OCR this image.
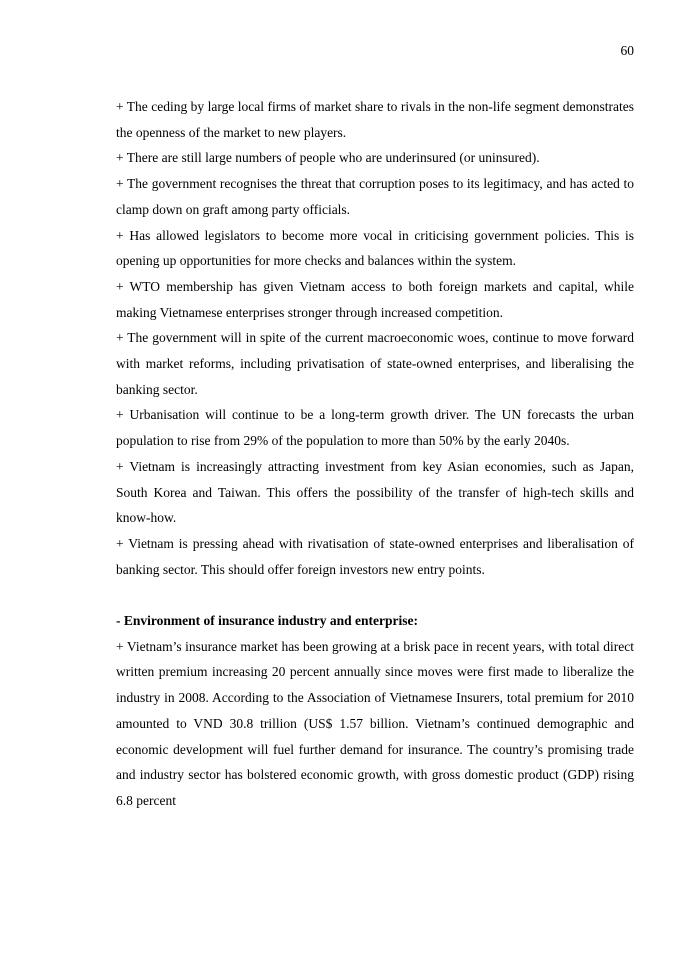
60

+ The ceding by large local firms of market share to rivals in the non-life segment demonstrates the openness of the market to new players.

+ There are still large numbers of people who are underinsured (or uninsured).

+ The government recognises the threat that corruption poses to its legitimacy, and has acted to clamp down on graft among party officials.

+ Has allowed legislators to become more vocal in criticising government policies. This is opening up opportunities for more checks and balances within the system.

+ WTO membership has given Vietnam access to both foreign markets and capital, while making Vietnamese enterprises stronger through increased competition.

+ The government will in spite of the current macroeconomic woes, continue to move forward with market reforms, including privatisation of state-owned enterprises, and liberalising the banking sector.

+ Urbanisation will continue to be a long-term growth driver. The UN forecasts the urban population to rise from 29% of the population to more than 50% by the early 2040s.

+ Vietnam is increasingly attracting investment from key Asian economies, such as Japan, South Korea and Taiwan. This offers the possibility of the transfer of high-tech skills and know-how.

+ Vietnam is pressing ahead with rivatisation of state-owned enterprises and liberalisation of banking sector. This should offer foreign investors new entry points.

- Environment of insurance industry and enterprise:

+ Vietnam’s insurance market has been growing at a brisk pace in recent years, with total direct written premium increasing 20 percent annually since moves were first made to liberalize the industry in 2008. According to the Association of Vietnamese Insurers, total premium for 2010 amounted to VND 30.8 trillion (US$ 1.57 billion. Vietnam’s continued demographic and economic development will fuel further demand for insurance. The country’s promising trade and industry sector has bolstered economic growth, with gross domestic product (GDP) rising 6.8 percent
